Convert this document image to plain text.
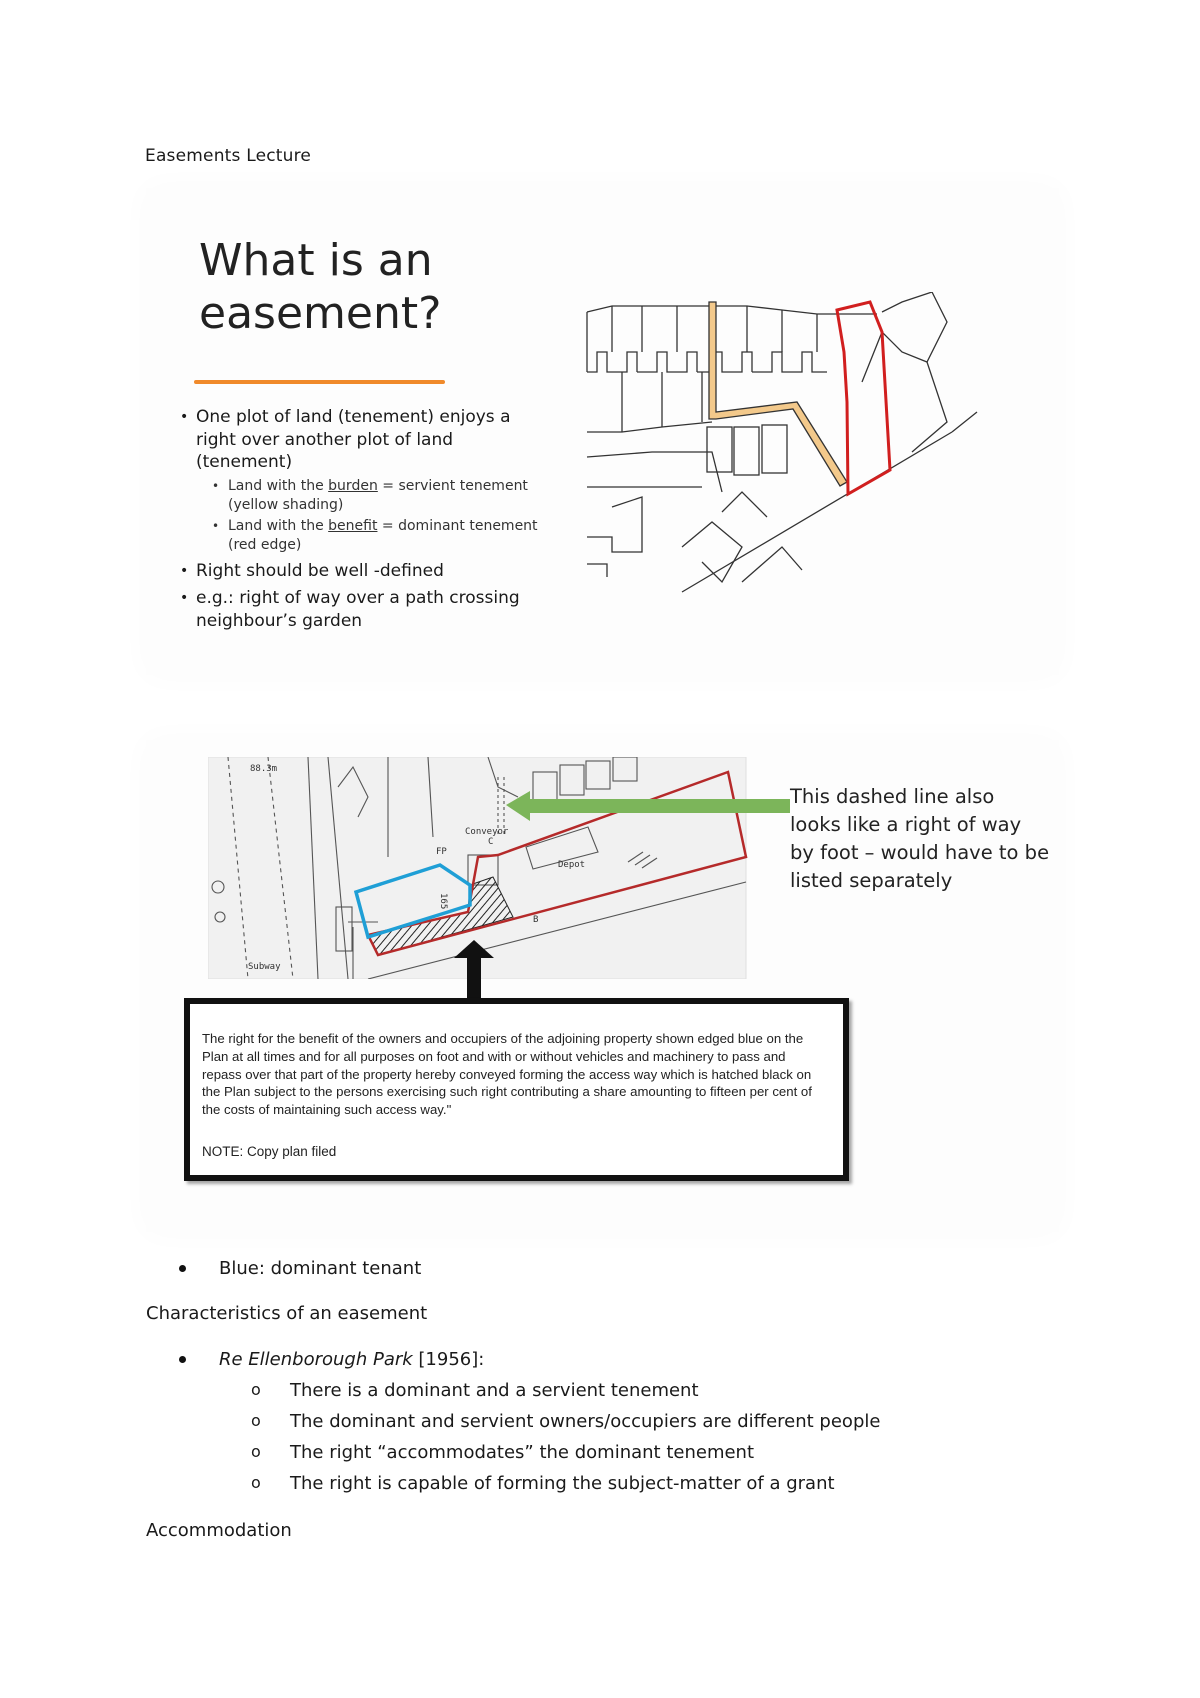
Easements Lecture
What is an
easement?
• One plot of land (tenement) enjoys a right over another plot of land (tenement)
• Land with the burden = servient tenement (yellow shading)
• Land with the benefit = dominant tenement (red edge)
• Right should be well -defined
• e.g.: right of way over a path crossing neighbour’s garden
88.3m
Conveyor
C
Depot
165
Subway
B
FP
This dashed line also looks like a right of way by foot – would have to be listed separately
The right for the benefit of the owners and occupiers of the adjoining property shown edged blue on the Plan at all times and for all purposes on foot and with or without vehicles and machinery to pass and repass over that part of the property hereby conveyed forming the access way which is hatched black on the Plan subject to the persons exercising such right contributing a share amounting to fifteen per cent of the costs of maintaining such access way."
NOTE: Copy plan filed
Blue: dominant tenant
Characteristics of an easement
Re Ellenborough Park [1956]:
o There is a dominant and a servient tenement
o The dominant and servient owners/occupiers are different people
o The right “accommodates” the dominant tenement
o The right is capable of forming the subject-matter of a grant
Accommodation
